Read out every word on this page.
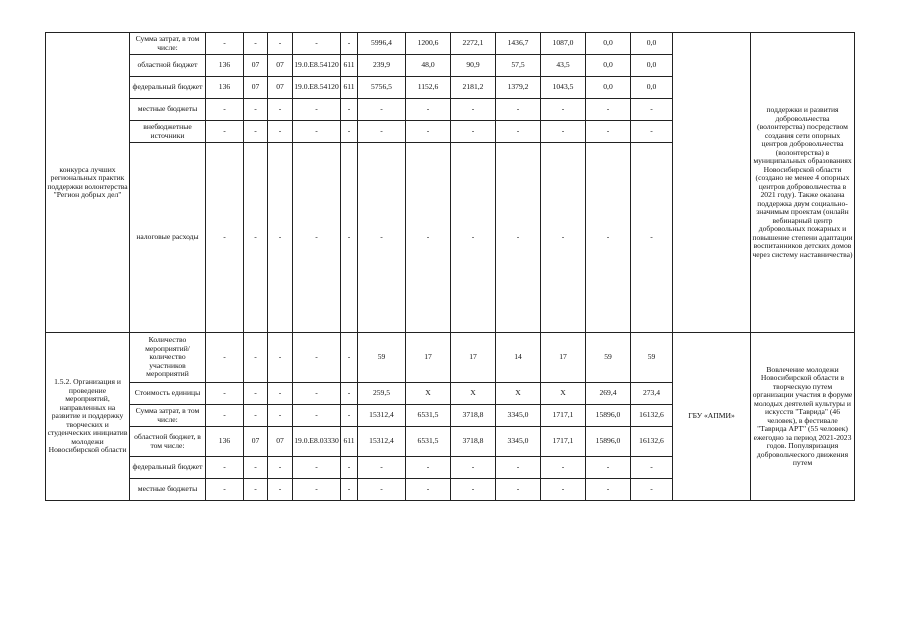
конкурса лучших региональных практик поддержки волонтерства "Регион добрых дел"	Сумма затрат, в том числе:	-	-	-	-	-	5996,4	1200,6	2272,1	1436,7	1087,0	0,0	0,0		поддержки и развития добровольчества (волонтерства) посредством создания сети опорных центров добровольчества (волонтерства) в муниципальных образованиях Новосибирской области (создано не менее 4 опорных центров добровольчества в 2021 году). Также оказана поддержка двум социально-значимым проектам (онлайн вебинарный центр добровольных пожарных и повышение степени адаптации воспитанников детских домов через систему наставничества)
	областной бюджет	136	07	07	19.0.Е8.54120	611	239,9	48,0	90,9	57,5	43,5	0,0	0,0		
	федеральный бюджет	136	07	07	19.0.Е8.54120	611	5756,5	1152,6	2181,2	1379,2	1043,5	0,0	0,0		
	местные бюджеты	-	-	-	-	-	-	-	-	-	-	-	-		
	внебюджетные источники	-	-	-	-	-	-	-	-	-	-	-	-		
	налоговые расходы	-	-	-	-	-	-	-	-	-	-	-	-		
1.5.2. Организация и проведение мероприятий, направленных на развитие и поддержку творческих и студенческих инициатив молодежи Новосибирской области	Количество мероприятий/количество участников мероприятий	-	-	-	-	-	59	17	17	14	17	59	59	ГБУ «АПМИ»	Вовлечение молодежи Новосибирской области в творческую путем организации участия в форуме молодых деятелей культуры и искусств "Таврида" (46 человек), в фестивале "Таврида АРТ" (55 человек) ежегодно за период 2021-2023 годов. Популяризация добровольческого движения путем
	Стоимость единицы	-	-	-	-	-	259,5	X	X	X	X	269,4	273,4		
	Сумма затрат, в том числе:	-	-	-	-	-	15312,4	6531,5	3718,8	3345,0	1717,1	15896,0	16132,6		
	областной бюджет, в том числе:	136	07	07	19.0.Е8.03330	611	15312,4	6531,5	3718,8	3345,0	1717,1	15896,0	16132,6		
	федеральный бюджет	-	-	-	-	-	-	-	-	-	-	-	-		
	местные бюджеты	-	-	-	-	-	-	-	-	-	-	-	-		
